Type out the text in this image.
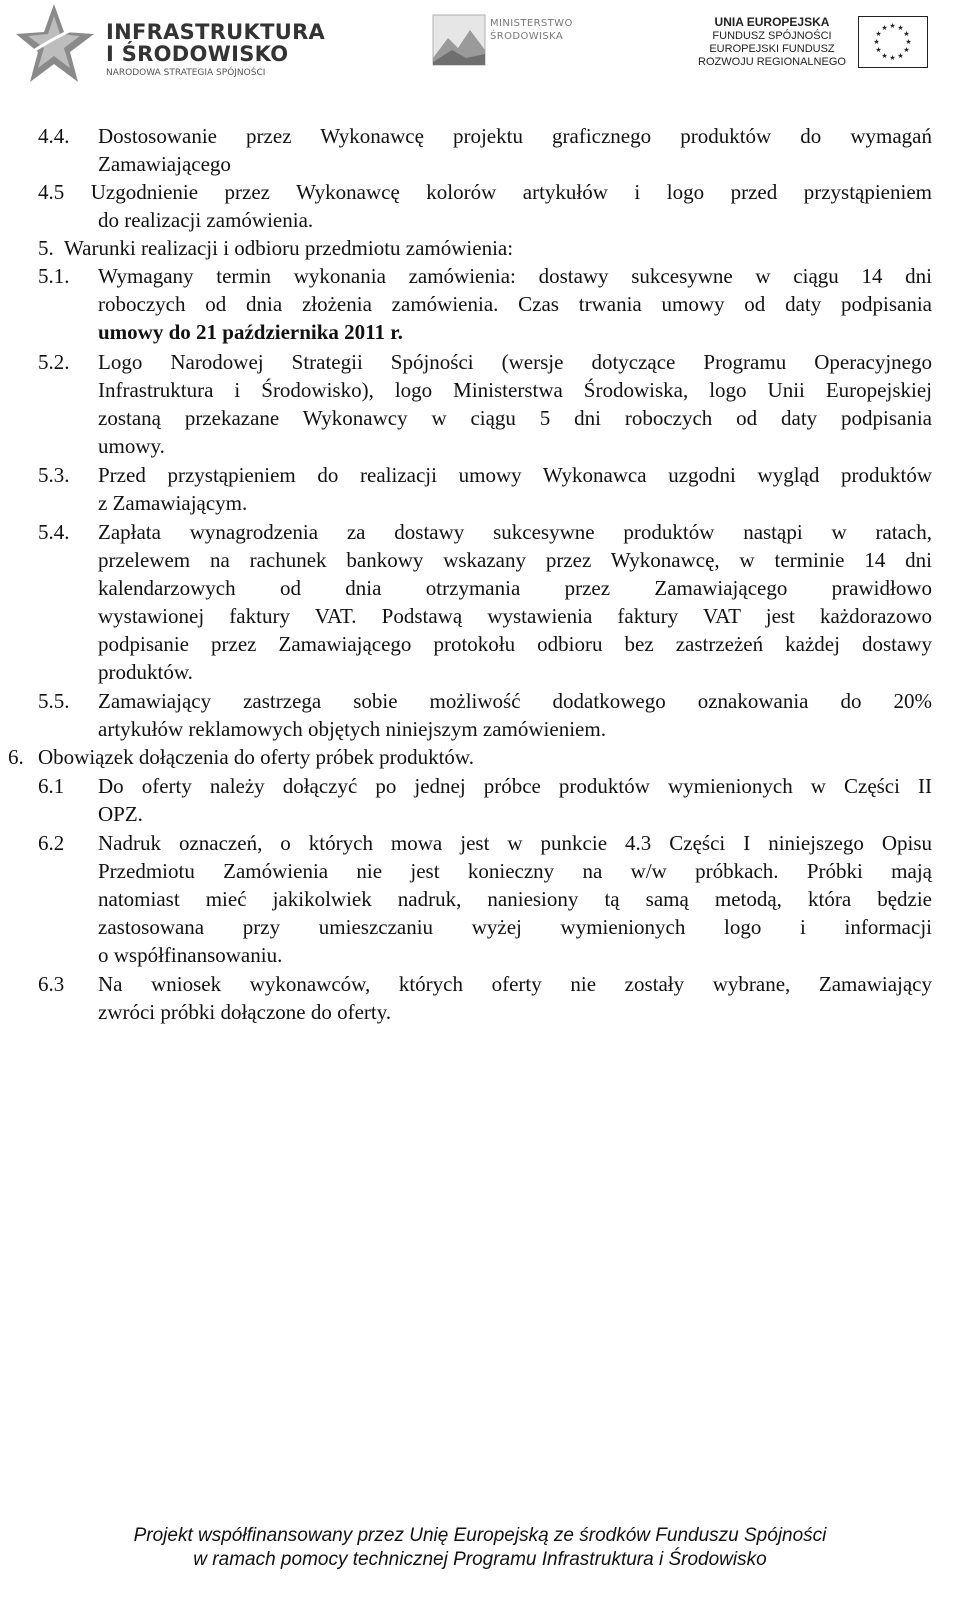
INFRASTRUKTURA
I ŚRODOWISKO
NARODOWA STRATEGIA SPÓJNOŚCI
MINISTERSTWO
ŚRODOWISKA
UNIA EUROPEJSKA
FUNDUSZ SPÓJNOŚCI
EUROPEJSKI FUNDUSZ
ROZWOJU REGIONALNEGO
★ ★
★
★
★
★
★
★
★
★
★
★
4.4. Dostosowanie przez Wykonawcę projektu graficznego produktów do wymagań
Zamawiającego
4.5 Uzgodnienie przez Wykonawcę kolorów artykułów i logo przed przystąpieniem
do realizacji zamówienia.
5. Warunki realizacji i odbioru przedmiotu zamówienia:
5.1. Wymagany termin wykonania zamówienia: dostawy sukcesywne w ciągu 14 dni
roboczych od dnia złożenia zamówienia. Czas trwania umowy od daty podpisania
umowy do 21 października 2011 r.
5.2. Logo Narodowej Strategii Spójności (wersje dotyczące Programu Operacyjnego
Infrastruktura i Środowisko), logo Ministerstwa Środowiska, logo Unii Europejskiej
zostaną przekazane Wykonawcy w ciągu 5 dni roboczych od daty podpisania
umowy.
5.3. Przed przystąpieniem do realizacji umowy Wykonawca uzgodni wygląd produktów
z Zamawiającym.
5.4. Zapłata wynagrodzenia za dostawy sukcesywne produktów nastąpi w ratach,
przelewem na rachunek bankowy wskazany przez Wykonawcę, w terminie 14 dni
kalendarzowych od dnia otrzymania przez Zamawiającego prawidłowo
wystawionej faktury VAT. Podstawą wystawienia faktury VAT jest każdorazowo
podpisanie przez Zamawiającego protokołu odbioru bez zastrzeżeń każdej dostawy
produktów.
5.5. Zamawiający zastrzega sobie możliwość dodatkowego oznakowania do 20%
artykułów reklamowych objętych niniejszym zamówieniem.
6. Obowiązek dołączenia do oferty próbek produktów.
6.1 Do oferty należy dołączyć po jednej próbce produktów wymienionych w Części II
OPZ.
6.2 Nadruk oznaczeń, o których mowa jest w punkcie 4.3 Części I niniejszego Opisu
Przedmiotu Zamówienia nie jest konieczny na w/w próbkach. Próbki mają
natomiast mieć jakikolwiek nadruk, naniesiony tą samą metodą, która będzie
zastosowana przy umieszczaniu wyżej wymienionych logo i informacji
o współfinansowaniu.
6.3 Na wniosek wykonawców, których oferty nie zostały wybrane, Zamawiający
zwróci próbki dołączone do oferty.
Projekt współfinansowany przez Unię Europejską ze środków Funduszu Spójności
w ramach pomocy technicznej Programu Infrastruktura i Środowisko
